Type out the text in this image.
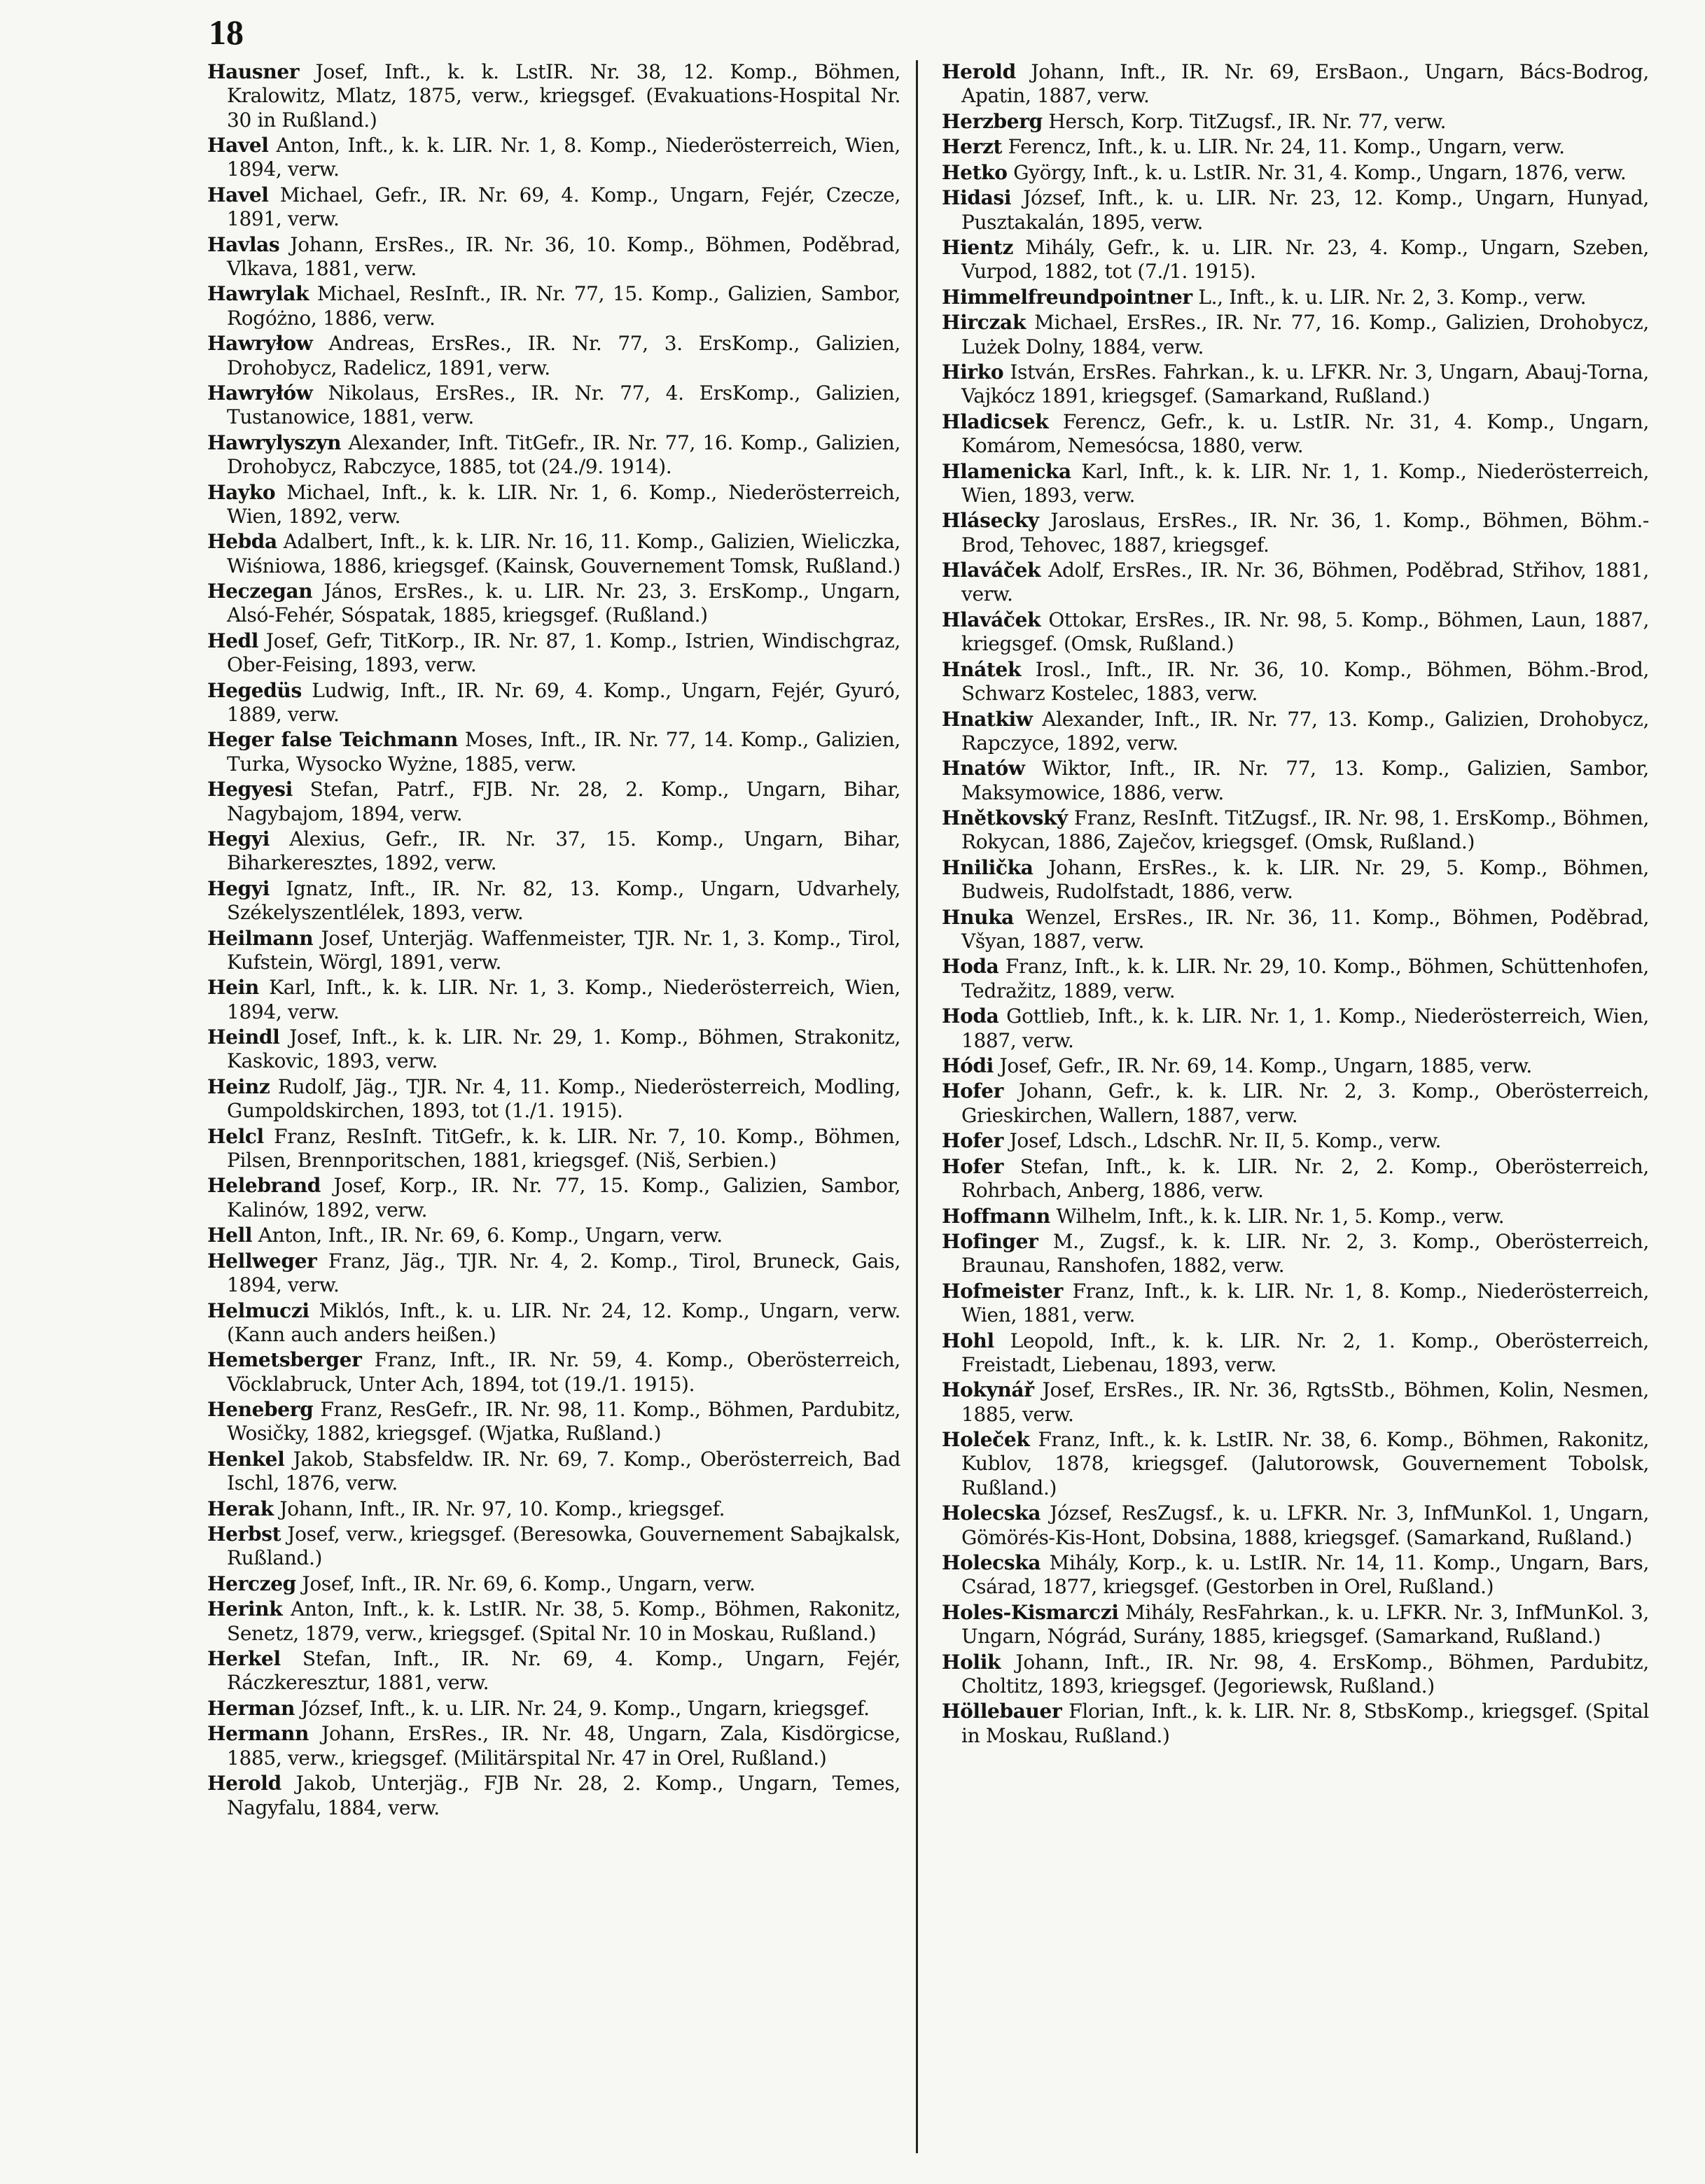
18

Hausner Josef, Inft., k. k. LstIR. Nr. 38, 12. Komp., Böhmen, Kralowitz, Mlatz, 1875, verw., kriegsgef. (Evakuations-Hospital Nr. 30 in Rußland.)

Havel Anton, Inft., k. k. LIR. Nr. 1, 8. Komp., Niederösterreich, Wien, 1894, verw.

Havel Michael, Gefr., IR. Nr. 69, 4. Komp., Ungarn, Fejér, Czecze, 1891, verw.

Havlas Johann, ErsRes., IR. Nr. 36, 10. Komp., Böhmen, Poděbrad, Vlkava, 1881, verw.

Hawrylak Michael, ResInft., IR. Nr. 77, 15. Komp., Galizien, Sambor, Rogóżno, 1886, verw.

Hawryłow Andreas, ErsRes., IR. Nr. 77, 3. ErsKomp., Galizien, Drohobycz, Radelicz, 1891, verw.

Hawryłów Nikolaus, ErsRes., IR. Nr. 77, 4. ErsKomp., Galizien, Tustanowice, 1881, verw.

Hawrylyszyn Alexander, Inft. TitGefr., IR. Nr. 77, 16. Komp., Galizien, Drohobycz, Rabczyce, 1885, tot (24./9. 1914).

Hayko Michael, Inft., k. k. LIR. Nr. 1, 6. Komp., Niederösterreich, Wien, 1892, verw.

Hebda Adalbert, Inft., k. k. LIR. Nr. 16, 11. Komp., Galizien, Wieliczka, Wiśniowa, 1886, kriegsgef. (Kainsk, Gouvernement Tomsk, Rußland.)

Heczegan János, ErsRes., k. u. LIR. Nr. 23, 3. ErsKomp., Ungarn, Alsó-Fehér, Sóspatak, 1885, kriegsgef. (Rußland.)

Hedl Josef, Gefr, TitKorp., IR. Nr. 87, 1. Komp., Istrien, Windischgraz, Ober-Feising, 1893, verw.

Hegedüs Ludwig, Inft., IR. Nr. 69, 4. Komp., Ungarn, Fejér, Gyuró, 1889, verw.

Heger false Teichmann Moses, Inft., IR. Nr. 77, 14. Komp., Galizien, Turka, Wysocko Wyżne, 1885, verw.

Hegyesi Stefan, Patrf., FJB. Nr. 28, 2. Komp., Ungarn, Bihar, Nagybajom, 1894, verw.

Hegyi Alexius, Gefr., IR. Nr. 37, 15. Komp., Ungarn, Bihar, Biharkeresztes, 1892, verw.

Hegyi Ignatz, Inft., IR. Nr. 82, 13. Komp., Ungarn, Udvarhely, Székelyszentlélek, 1893, verw.

Heilmann Josef, Unterjäg. Waffenmeister, TJR. Nr. 1, 3. Komp., Tirol, Kufstein, Wörgl, 1891, verw.

Hein Karl, Inft., k. k. LIR. Nr. 1, 3. Komp., Niederösterreich, Wien, 1894, verw.

Heindl Josef, Inft., k. k. LIR. Nr. 29, 1. Komp., Böhmen, Strakonitz, Kaskovic, 1893, verw.

Heinz Rudolf, Jäg., TJR. Nr. 4, 11. Komp., Niederösterreich, Modling, Gumpoldskirchen, 1893, tot (1./1. 1915).

Helcl Franz, ResInft. TitGefr., k. k. LIR. Nr. 7, 10. Komp., Böhmen, Pilsen, Brennporitschen, 1881, kriegsgef. (Niš, Serbien.)

Helebrand Josef, Korp., IR. Nr. 77, 15. Komp., Galizien, Sambor, Kalinów, 1892, verw.

Hell Anton, Inft., IR. Nr. 69, 6. Komp., Ungarn, verw.

Hellweger Franz, Jäg., TJR. Nr. 4, 2. Komp., Tirol, Bruneck, Gais, 1894, verw.

Helmuczi Miklós, Inft., k. u. LIR. Nr. 24, 12. Komp., Ungarn, verw. (Kann auch anders heißen.)

Hemetsberger Franz, Inft., IR. Nr. 59, 4. Komp., Oberösterreich, Vöcklabruck, Unter Ach, 1894, tot (19./1. 1915).

Heneberg Franz, ResGefr., IR. Nr. 98, 11. Komp., Böhmen, Pardubitz, Wosičky, 1882, kriegsgef. (Wjatka, Rußland.)

Henkel Jakob, Stabsfeldw. IR. Nr. 69, 7. Komp., Oberösterreich, Bad Ischl, 1876, verw.

Herak Johann, Inft., IR. Nr. 97, 10. Komp., kriegsgef.

Herbst Josef, verw., kriegsgef. (Beresowka, Gouvernement Sabajkalsk, Rußland.)

Herczeg Josef, Inft., IR. Nr. 69, 6. Komp., Ungarn, verw.

Herink Anton, Inft., k. k. LstIR. Nr. 38, 5. Komp., Böhmen, Rakonitz, Senetz, 1879, verw., kriegsgef. (Spital Nr. 10 in Moskau, Rußland.)

Herkel Stefan, Inft., IR. Nr. 69, 4. Komp., Ungarn, Fejér, Ráczkeresztur, 1881, verw.

Herman József, Inft., k. u. LIR. Nr. 24, 9. Komp., Ungarn, kriegsgef.

Hermann Johann, ErsRes., IR. Nr. 48, Ungarn, Zala, Kisdörgicse, 1885, verw., kriegsgef. (Militärspital Nr. 47 in Orel, Rußland.)

Herold Jakob, Unterjäg., FJB Nr. 28, 2. Komp., Ungarn, Temes, Nagyfalu, 1884, verw.

Herold Johann, Inft., IR. Nr. 69, ErsBaon., Ungarn, Bács-Bodrog, Apatin, 1887, verw.

Herzberg Hersch, Korp. TitZugsf., IR. Nr. 77, verw.

Herzt Ferencz, Inft., k. u. LIR. Nr. 24, 11. Komp., Ungarn, verw.

Hetko György, Inft., k. u. LstIR. Nr. 31, 4. Komp., Ungarn, 1876, verw.

Hidasi József, Inft., k. u. LIR. Nr. 23, 12. Komp., Ungarn, Hunyad, Pusztakalán, 1895, verw.

Hientz Mihály, Gefr., k. u. LIR. Nr. 23, 4. Komp., Ungarn, Szeben, Vurpod, 1882, tot (7./1. 1915).

Himmelfreundpointner L., Inft., k. u. LIR. Nr. 2, 3. Komp., verw.

Hirczak Michael, ErsRes., IR. Nr. 77, 16. Komp., Galizien, Drohobycz, Lużek Dolny, 1884, verw.

Hirko István, ErsRes. Fahrkan., k. u. LFKR. Nr. 3, Ungarn, Abauj-Torna, Vajkócz 1891, kriegsgef. (Samarkand, Rußland.)

Hladicsek Ferencz, Gefr., k. u. LstIR. Nr. 31, 4. Komp., Ungarn, Komárom, Nemesócsa, 1880, verw.

Hlamenicka Karl, Inft., k. k. LIR. Nr. 1, 1. Komp., Niederösterreich, Wien, 1893, verw.

Hlásecky Jaroslaus, ErsRes., IR. Nr. 36, 1. Komp., Böhmen, Böhm.-Brod, Tehovec, 1887, kriegsgef.

Hlaváček Adolf, ErsRes., IR. Nr. 36, Böhmen, Poděbrad, Střihov, 1881, verw.

Hlaváček Ottokar, ErsRes., IR. Nr. 98, 5. Komp., Böhmen, Laun, 1887, kriegsgef. (Omsk, Rußland.)

Hnátek Irosl., Inft., IR. Nr. 36, 10. Komp., Böhmen, Böhm.-Brod, Schwarz Kostelec, 1883, verw.

Hnatkiw Alexander, Inft., IR. Nr. 77, 13. Komp., Galizien, Drohobycz, Rapczyce, 1892, verw.

Hnatów Wiktor, Inft., IR. Nr. 77, 13. Komp., Galizien, Sambor, Maksymowice, 1886, verw.

Hnětkovský Franz, ResInft. TitZugsf., IR. Nr. 98, 1. ErsKomp., Böhmen, Rokycan, 1886, Zaječov, kriegsgef. (Omsk, Rußland.)

Hnilička Johann, ErsRes., k. k. LIR. Nr. 29, 5. Komp., Böhmen, Budweis, Rudolfstadt, 1886, verw.

Hnuka Wenzel, ErsRes., IR. Nr. 36, 11. Komp., Böhmen, Poděbrad, Všyan, 1887, verw.

Hoda Franz, Inft., k. k. LIR. Nr. 29, 10. Komp., Böhmen, Schüttenhofen, Tedražitz, 1889, verw.

Hoda Gottlieb, Inft., k. k. LIR. Nr. 1, 1. Komp., Niederösterreich, Wien, 1887, verw.

Hódi Josef, Gefr., IR. Nr. 69, 14. Komp., Ungarn, 1885, verw.

Hofer Johann, Gefr., k. k. LIR. Nr. 2, 3. Komp., Oberösterreich, Grieskirchen, Wallern, 1887, verw.

Hofer Josef, Ldsch., LdschR. Nr. II, 5. Komp., verw.

Hofer Stefan, Inft., k. k. LIR. Nr. 2, 2. Komp., Oberösterreich, Rohrbach, Anberg, 1886, verw.

Hoffmann Wilhelm, Inft., k. k. LIR. Nr. 1, 5. Komp., verw.

Hofinger M., Zugsf., k. k. LIR. Nr. 2, 3. Komp., Oberösterreich, Braunau, Ranshofen, 1882, verw.

Hofmeister Franz, Inft., k. k. LIR. Nr. 1, 8. Komp., Niederösterreich, Wien, 1881, verw.

Hohl Leopold, Inft., k. k. LIR. Nr. 2, 1. Komp., Oberösterreich, Freistadt, Liebenau, 1893, verw.

Hokynář Josef, ErsRes., IR. Nr. 36, RgtsStb., Böhmen, Kolin, Nesmen, 1885, verw.

Holeček Franz, Inft., k. k. LstIR. Nr. 38, 6. Komp., Böhmen, Rakonitz, Kublov, 1878, kriegsgef. (Jalutorowsk, Gouvernement Tobolsk, Rußland.)

Holecska József, ResZugsf., k. u. LFKR. Nr. 3, InfMunKol. 1, Ungarn, Gömörés-Kis-Hont, Dobsina, 1888, kriegsgef. (Samarkand, Rußland.)

Holecska Mihály, Korp., k. u. LstIR. Nr. 14, 11. Komp., Ungarn, Bars, Csárad, 1877, kriegsgef. (Gestorben in Orel, Rußland.)

Holes-Kismarczi Mihály, ResFahrkan., k. u. LFKR. Nr. 3, InfMunKol. 3, Ungarn, Nógrád, Surány, 1885, kriegsgef. (Samarkand, Rußland.)

Holik Johann, Inft., IR. Nr. 98, 4. ErsKomp., Böhmen, Pardubitz, Choltitz, 1893, kriegsgef. (Jegoriewsk, Rußland.)

Höllebauer Florian, Inft., k. k. LIR. Nr. 8, StbsKomp., kriegsgef. (Spital in Moskau, Rußland.)
